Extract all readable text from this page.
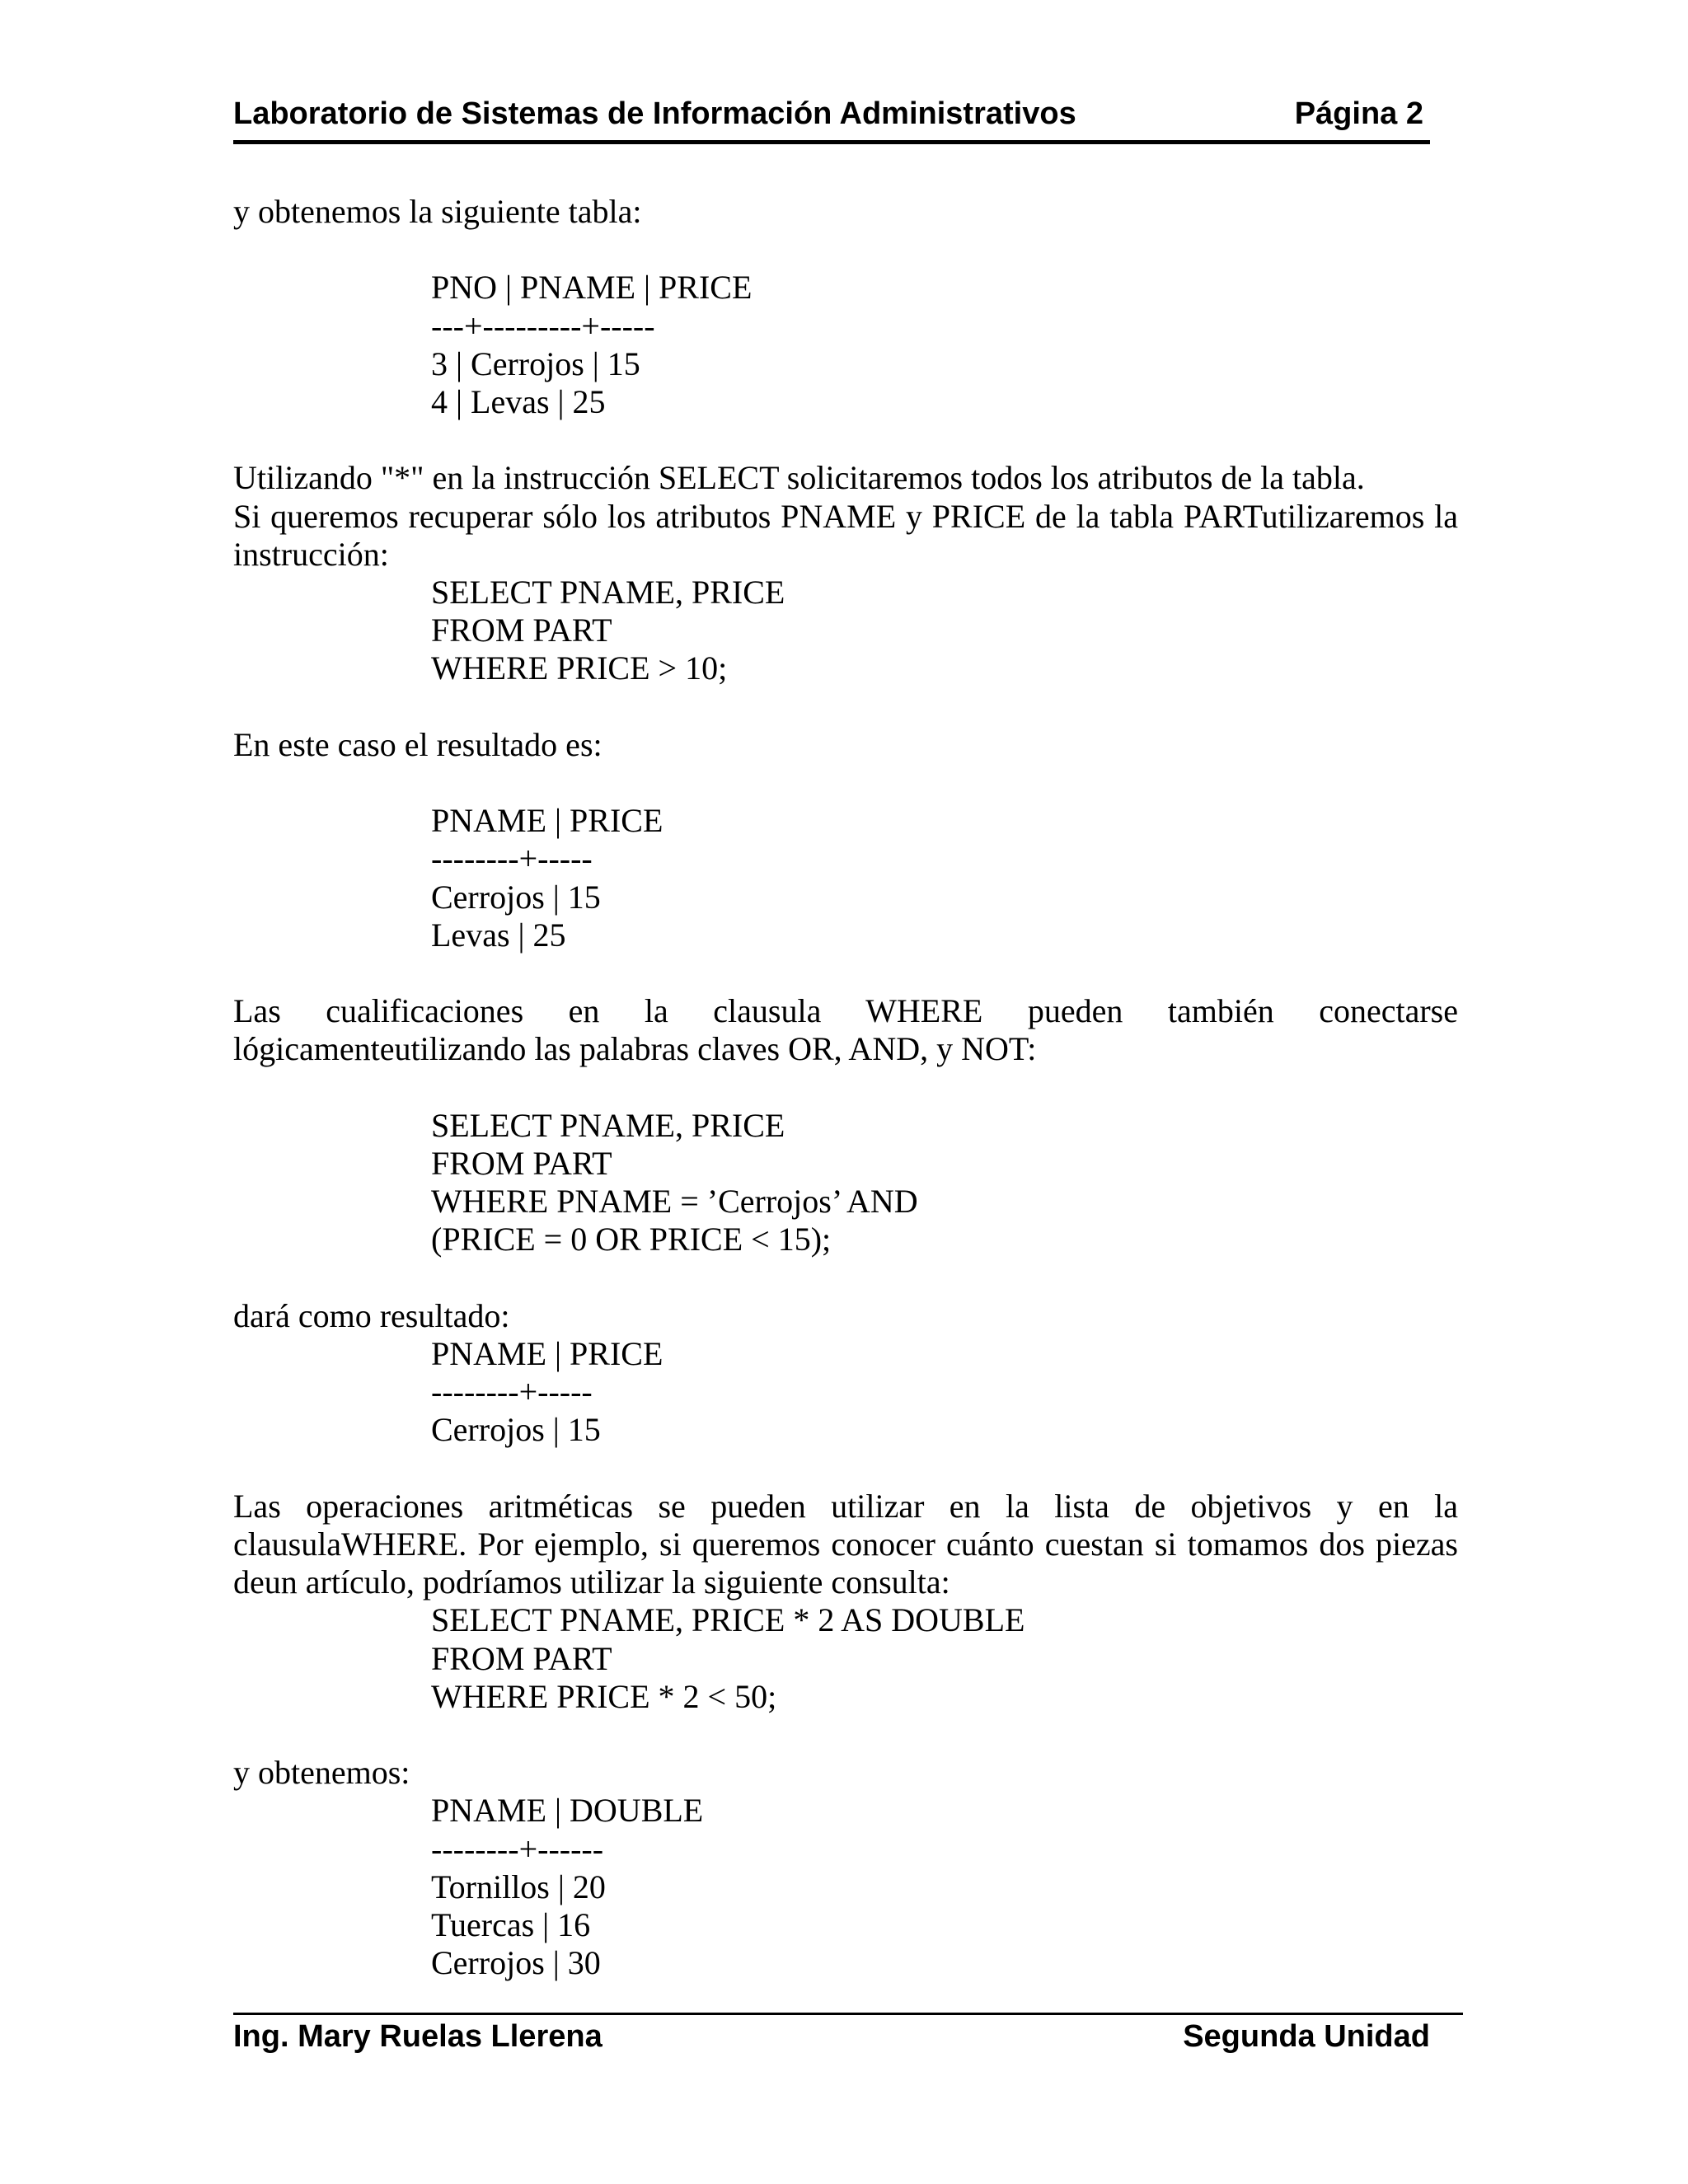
Laboratorio de Sistemas de Información Administrativos	Página 2

y obtenemos la siguiente tabla:

PNO | PNAME | PRICE

---+---------+-----

3 | Cerrojos | 15

4 | Levas | 25

Utilizando "*" en la instrucción SELECT solicitaremos todos los atributos de la tabla.

Si queremos recuperar sólo los atributos PNAME y PRICE de la tabla PARTutilizaremos la instrucción:

SELECT PNAME, PRICE

FROM PART

WHERE PRICE > 10;

En este caso el resultado es:

PNAME | PRICE

--------+-----

Cerrojos | 15

Levas | 25

Las cualificaciones en la clausula WHERE pueden también conectarse lógicamenteutilizando las palabras claves OR, AND, y NOT:

SELECT PNAME, PRICE

FROM PART

WHERE PNAME = ’Cerrojos’ AND

(PRICE = 0 OR PRICE < 15);

dará como resultado:

PNAME | PRICE

--------+-----

Cerrojos | 15

Las operaciones aritméticas se pueden utilizar en la lista de objetivos y en la clausulaWHERE. Por ejemplo, si queremos conocer cuánto cuestan si tomamos dos piezas deun artículo, podríamos utilizar la siguiente consulta:

SELECT PNAME, PRICE * 2 AS DOUBLE

FROM PART

WHERE PRICE * 2 < 50;

y obtenemos:

PNAME | DOUBLE

--------+------

Tornillos | 20

Tuercas | 16

Cerrojos | 30

Ing. Mary Ruelas Llerena	Segunda Unidad
